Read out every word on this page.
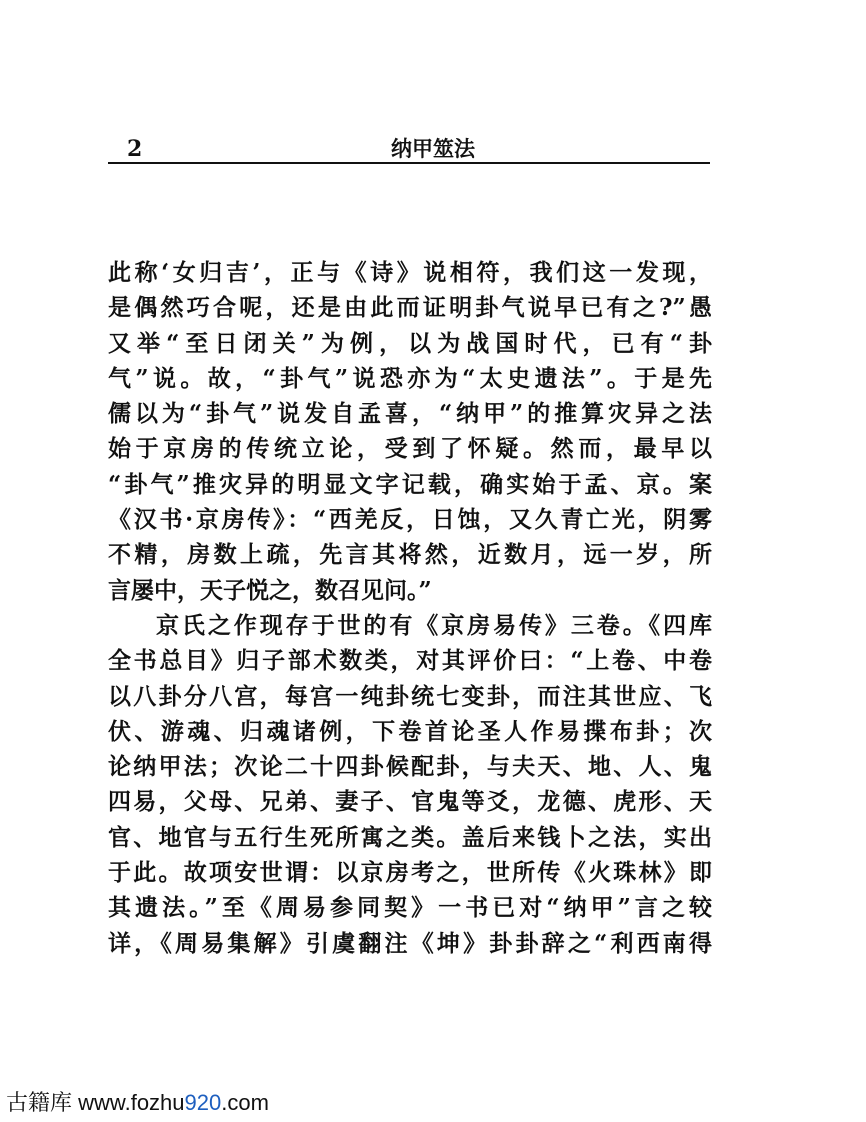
2	纳甲筮法
此称‘女归吉’，正与《诗》说相符，我们这一发现，
是偶然巧合呢，还是由此而证明卦气说早已有之?”愚
又举“至日闭关”为例，以为战国时代，已有“卦
气”说。故，“卦气”说恐亦为“太史遗法”。于是先
儒以为“卦气”说发自孟喜，“纳甲”的推算灾异之法
始于京房的传统立论，受到了怀疑。然而，最早以
“卦气”推灾异的明显文字记载，确实始于孟、京。案
《汉书·京房传》：“西羌反，日蚀，又久青亡光，阴雾
不精，房数上疏，先言其将然，近数月，远一岁，所
言屡中，天子悦之，数召见问。”
京氏之作现存于世的有《京房易传》三卷。《四库
全书总目》归子部术数类，对其评价曰：“上卷、中卷
以八卦分八宫，每宫一纯卦统七变卦，而注其世应、飞
伏、游魂、归魂诸例，下卷首论圣人作易揲布卦；次
论纳甲法；次论二十四卦候配卦，与夫天、地、人、鬼
四易，父母、兄弟、妻子、官鬼等爻，龙德、虎形、天
官、地官与五行生死所寓之类。盖后来钱卜之法，实出
于此。故项安世谓：以京房考之，世所传《火珠林》即
其遗法。”至《周易参同契》一书已对“纳甲”言之较
详，《周易集解》引虞翻注《坤》卦卦辞之“利西南得
古籍库 www.fozhu920.com
